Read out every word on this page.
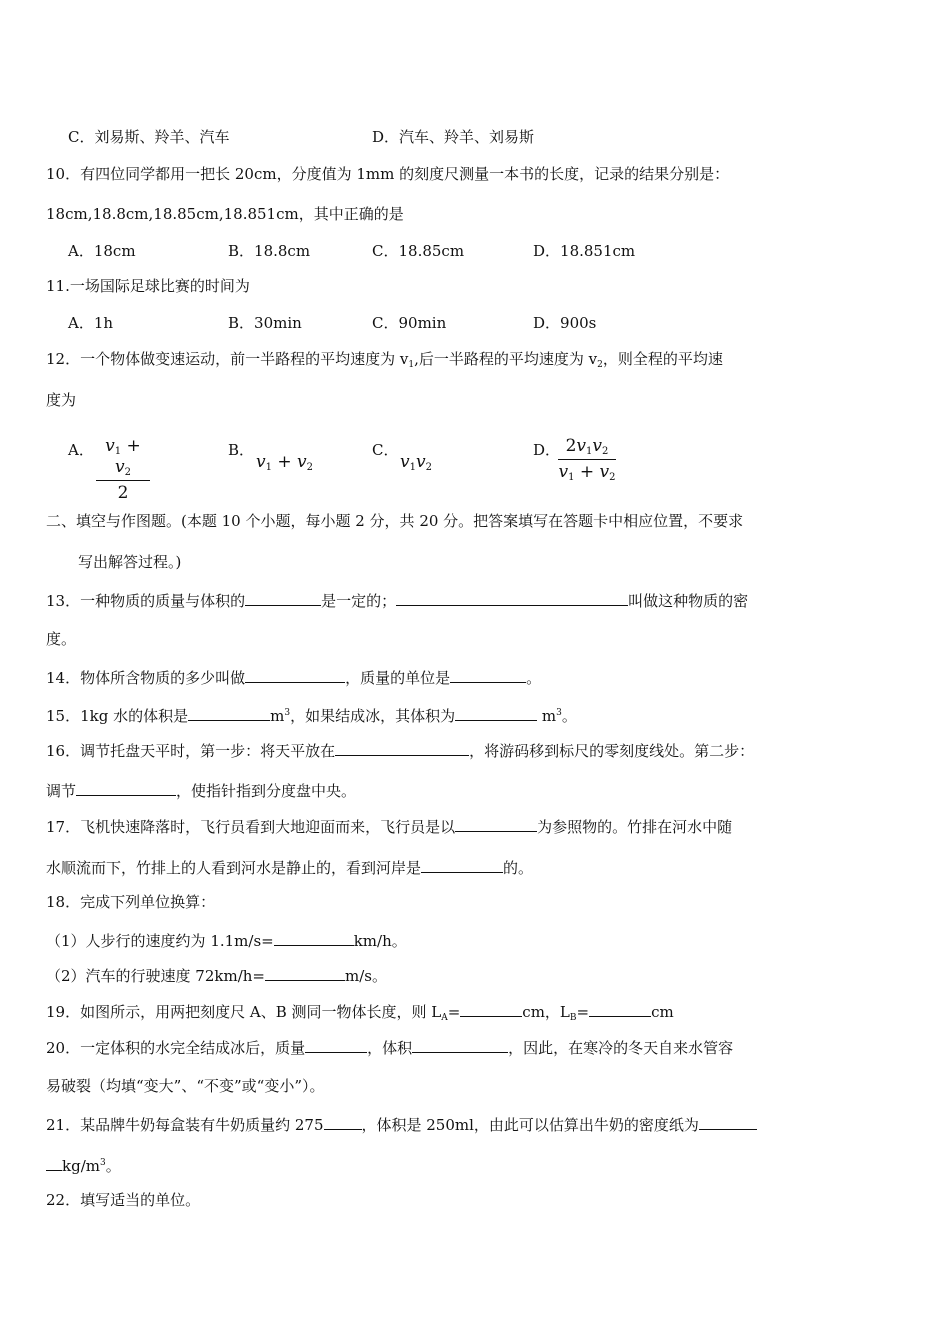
C．刘易斯、羚羊、汽车	D．汽车、羚羊、刘易斯
10．有四位同学都用一把长 20cm，分度值为 1mm 的刻度尺测量一本书的长度，记录的结果分别是：
18cm,18.8cm,18.85cm,18.851cm，其中正确的是
A．18cm	B．18.8cm	C．18.85cm	D．18.851cm
11.一场国际足球比赛的时间为
A．1h	B．30min	C．90min	D．900s
12．一个物体做变速运动，前一半路程的平均速度为 $v_1$,后一半路程的平均速度为 $v_2$，则全程的平均速
度为
A． v1 + v2
2
B．
v1 + v2
C．
v1v2
D． 2v1v2
v1 + v2
二、填空与作图题。(本题 10 个小题，每小题 2 分，共 20 分。把答案填写在答题卡中相应位置，不要求
写出解答过程。)
13．一种物质的质量与体积的	是一定的；	叫做这种物质的密
度。
14．物体所含物质的多少叫做	，质量的单位是	。
15．1kg 水的体积是	$m^3$，如果结成冰，其体积为	$m^3$。
16．调节托盘天平时，第一步：将天平放在	，将游码移到标尺的零刻度线处。第二步：
调节	，使指针指到分度盘中央。
17．飞机快速降落时，飞行员看到大地迎面而来，飞行员是以	为参照物的。竹排在河水中随
水顺流而下，竹排上的人看到河水是静止的，看到河岸是	的。
18．完成下列单位换算：
（1）人步行的速度约为 1.1m/s=	km/h。
（2）汽车的行驶速度 72km/h=	m/s。
19．如图所示，用两把刻度尺 A、B 测同一物体长度，则 $L_A=$	cm，$L_B=$	cm
20．一定体积的水完全结成冰后，质量	，体积	，因此，在寒冷的冬天自来水管容
易破裂（均填“变大”、“不变”或“变小”）。
21．某品牌牛奶每盒装有牛奶质量约 275	，体积是 250ml，由此可以估算出牛奶的密度纸为
$kg/m^3$。
22．填写适当的单位。
